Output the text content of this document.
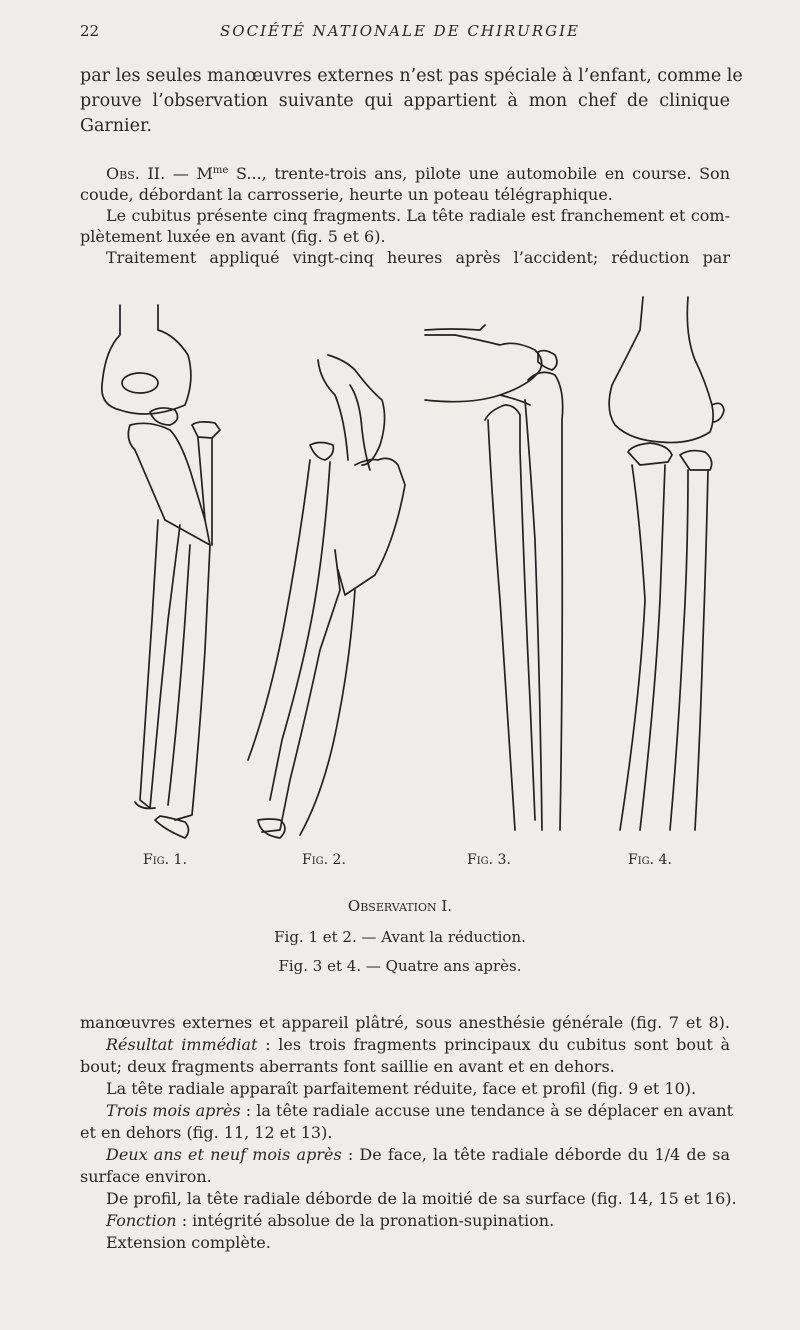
22	SOCIÉTÉ NATIONALE DE CHIRURGIE
par les seules manœuvres externes n’est pas spéciale à l’enfant, comme le
prouve l’observation suivante qui appartient à mon chef de clinique
Garnier.
Obs. II. — $M^{me}$ S..., trente-trois ans, pilote une automobile en course. Son
coude, débordant la carrosserie, heurte un poteau télégraphique.
Le cubitus présente cinq fragments. La tête radiale est franchement et com-
plètement luxée en avant (fig. 5 et 6).
Traitement appliqué vingt-cinq heures après l’accident; réduction par
Fig. 1.	Fig. 2.	Fig. 3.	Fig. 4.
Observation I.
Fig. 1 et 2. — Avant la réduction.
Fig. 3 et 4. — Quatre ans après.
manœuvres externes et appareil plâtré, sous anesthésie générale (fig. 7 et 8).
Résultat immédiat : les trois fragments principaux du cubitus sont bout à
bout; deux fragments aberrants font saillie en avant et en dehors.
La tête radiale apparaît parfaitement réduite, face et profil (fig. 9 et 10).
Trois mois après : la tête radiale accuse une tendance à se déplacer en avant
et en dehors (fig. 11, 12 et 13).
Deux ans et neuf mois après : De face, la tête radiale déborde du 1/4 de sa
surface environ.
De profil, la tête radiale déborde de la moitié de sa surface (fig. 14, 15 et 16).
Fonction : intégrité absolue de la pronation-supination.
Extension complète.
